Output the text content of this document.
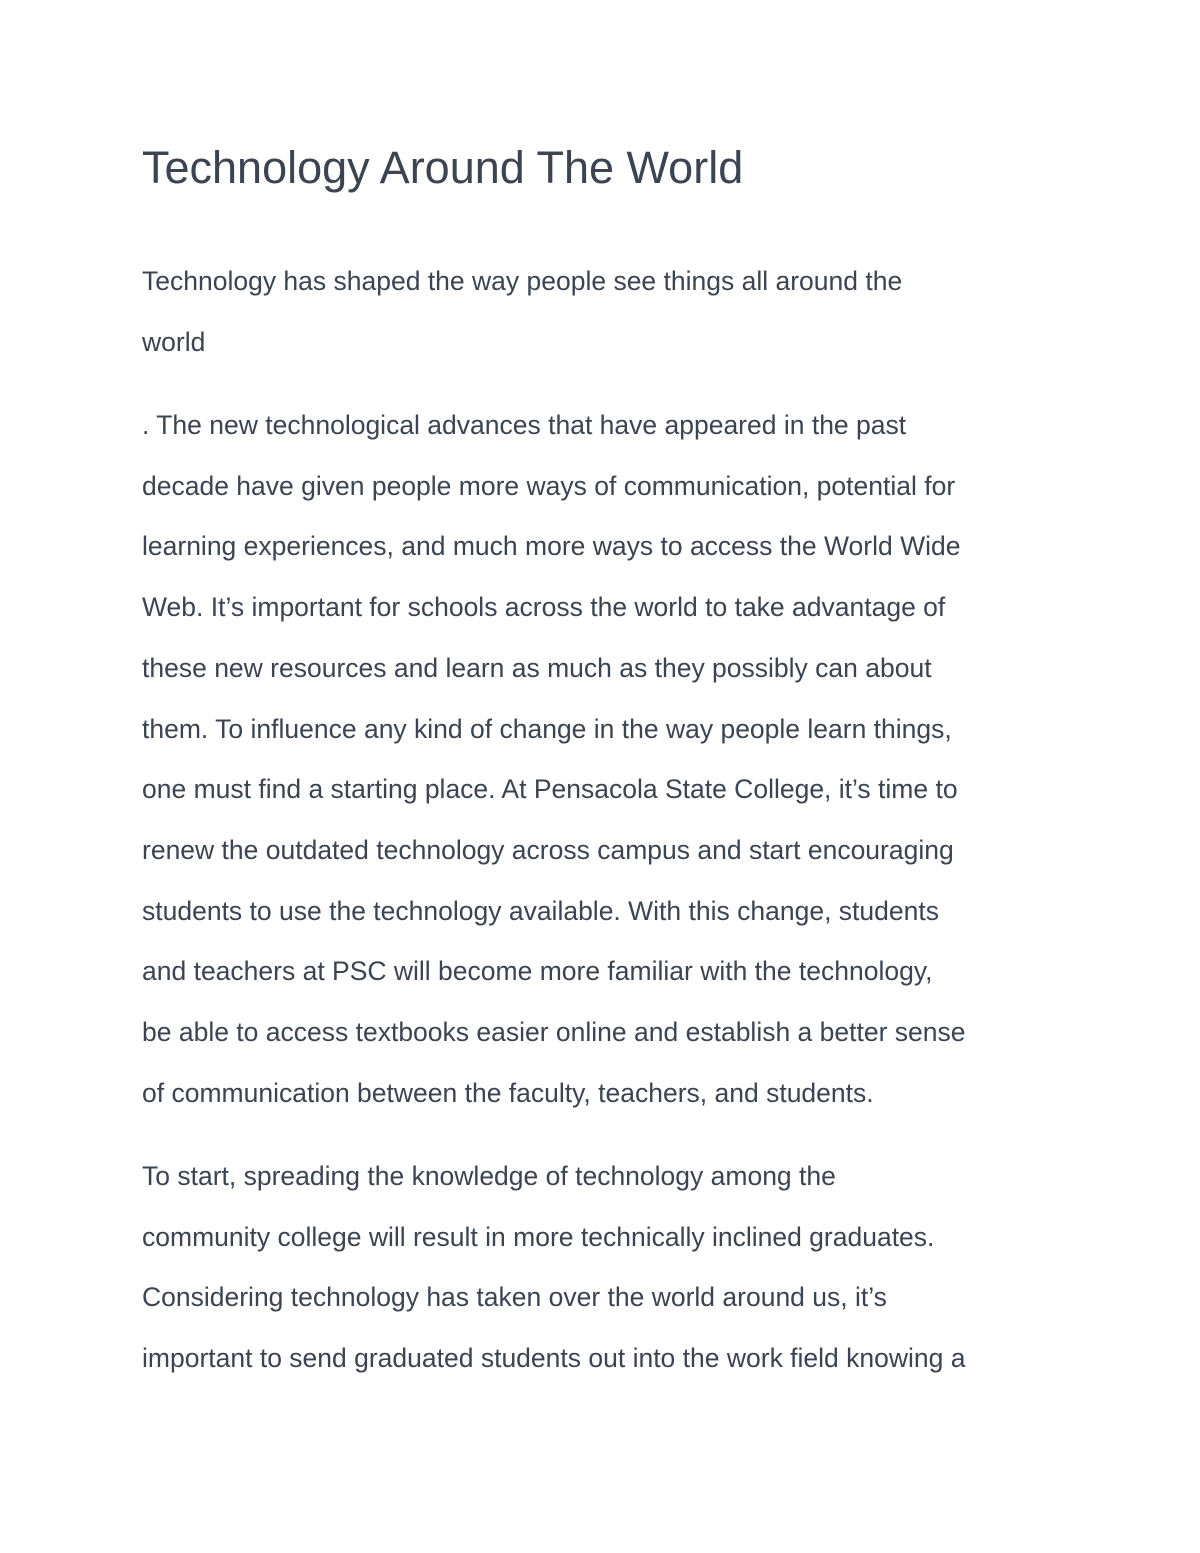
Technology Around The World

Technology has shaped the way people see things all around the
world

. The new technological advances that have appeared in the past
decade have given people more ways of communication, potential for
learning experiences, and much more ways to access the World Wide
Web. It’s important for schools across the world to take advantage of
these new resources and learn as much as they possibly can about
them. To influence any kind of change in the way people learn things,
one must find a starting place. At Pensacola State College, it’s time to
renew the outdated technology across campus and start encouraging
students to use the technology available. With this change, students
and teachers at PSC will become more familiar with the technology,
be able to access textbooks easier online and establish a better sense
of communication between the faculty, teachers, and students.

To start, spreading the knowledge of technology among the
community college will result in more technically inclined graduates.
Considering technology has taken over the world around us, it’s
important to send graduated students out into the work field knowing a
